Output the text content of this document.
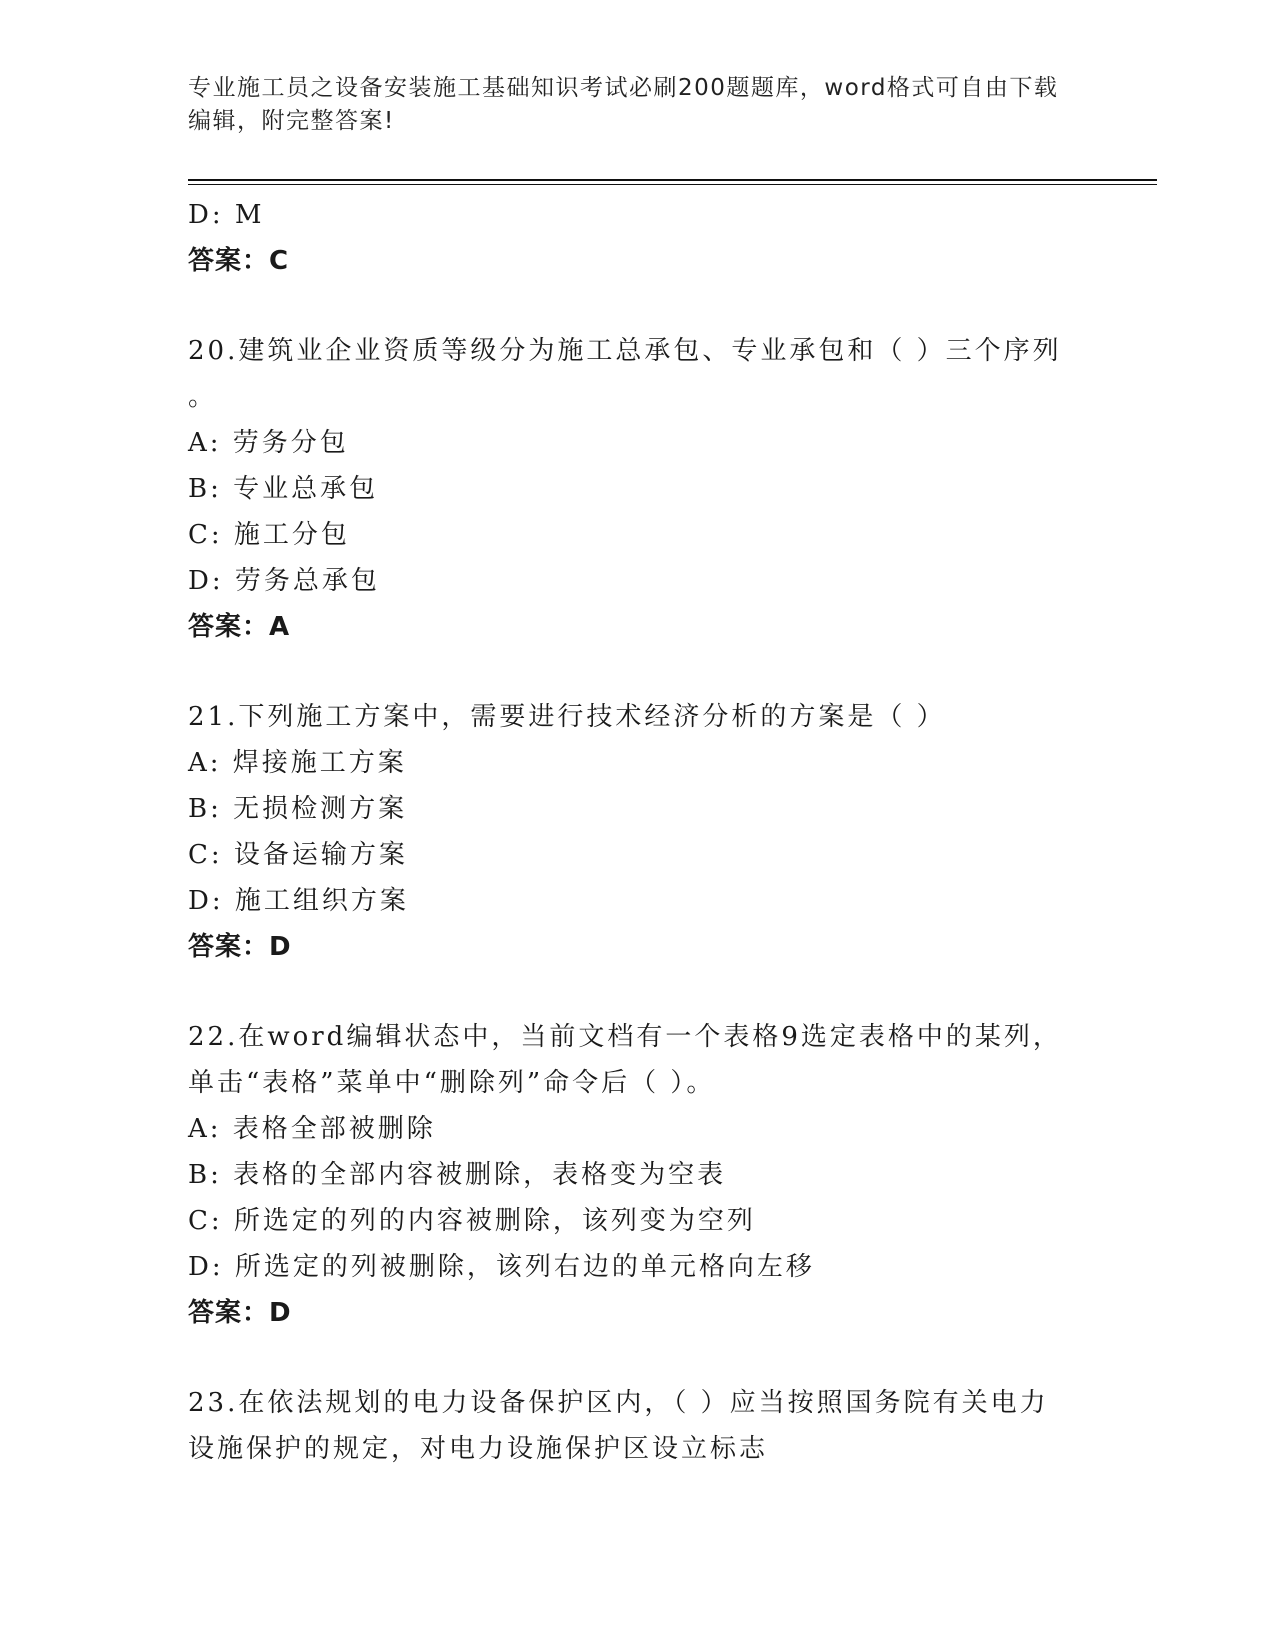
专业施工员之设备安装施工基础知识考试必刷200题题库，word格式可自由下载
编辑，附完整答案!
D: M
答案：C
20.建筑业企业资质等级分为施工总承包、专业承包和（ ）三个序列
。
A: 劳务分包
B: 专业总承包
C: 施工分包
D: 劳务总承包
答案：A
21.下列施工方案中，需要进行技术经济分析的方案是（ ）
A: 焊接施工方案
B: 无损检测方案
C: 设备运输方案
D: 施工组织方案
答案：D
22.在word编辑状态中，当前文档有一个表格9选定表格中的某列，
单击“表格”菜单中“删除列”命令后（ ）。
A: 表格全部被删除
B: 表格的全部内容被删除，表格变为空表
C: 所选定的列的内容被删除，该列变为空列
D: 所选定的列被删除，该列右边的单元格向左移
答案：D
23.在依法规划的电力设备保护区内，（ ）应当按照国务院有关电力
设施保护的规定，对电力设施保护区设立标志
